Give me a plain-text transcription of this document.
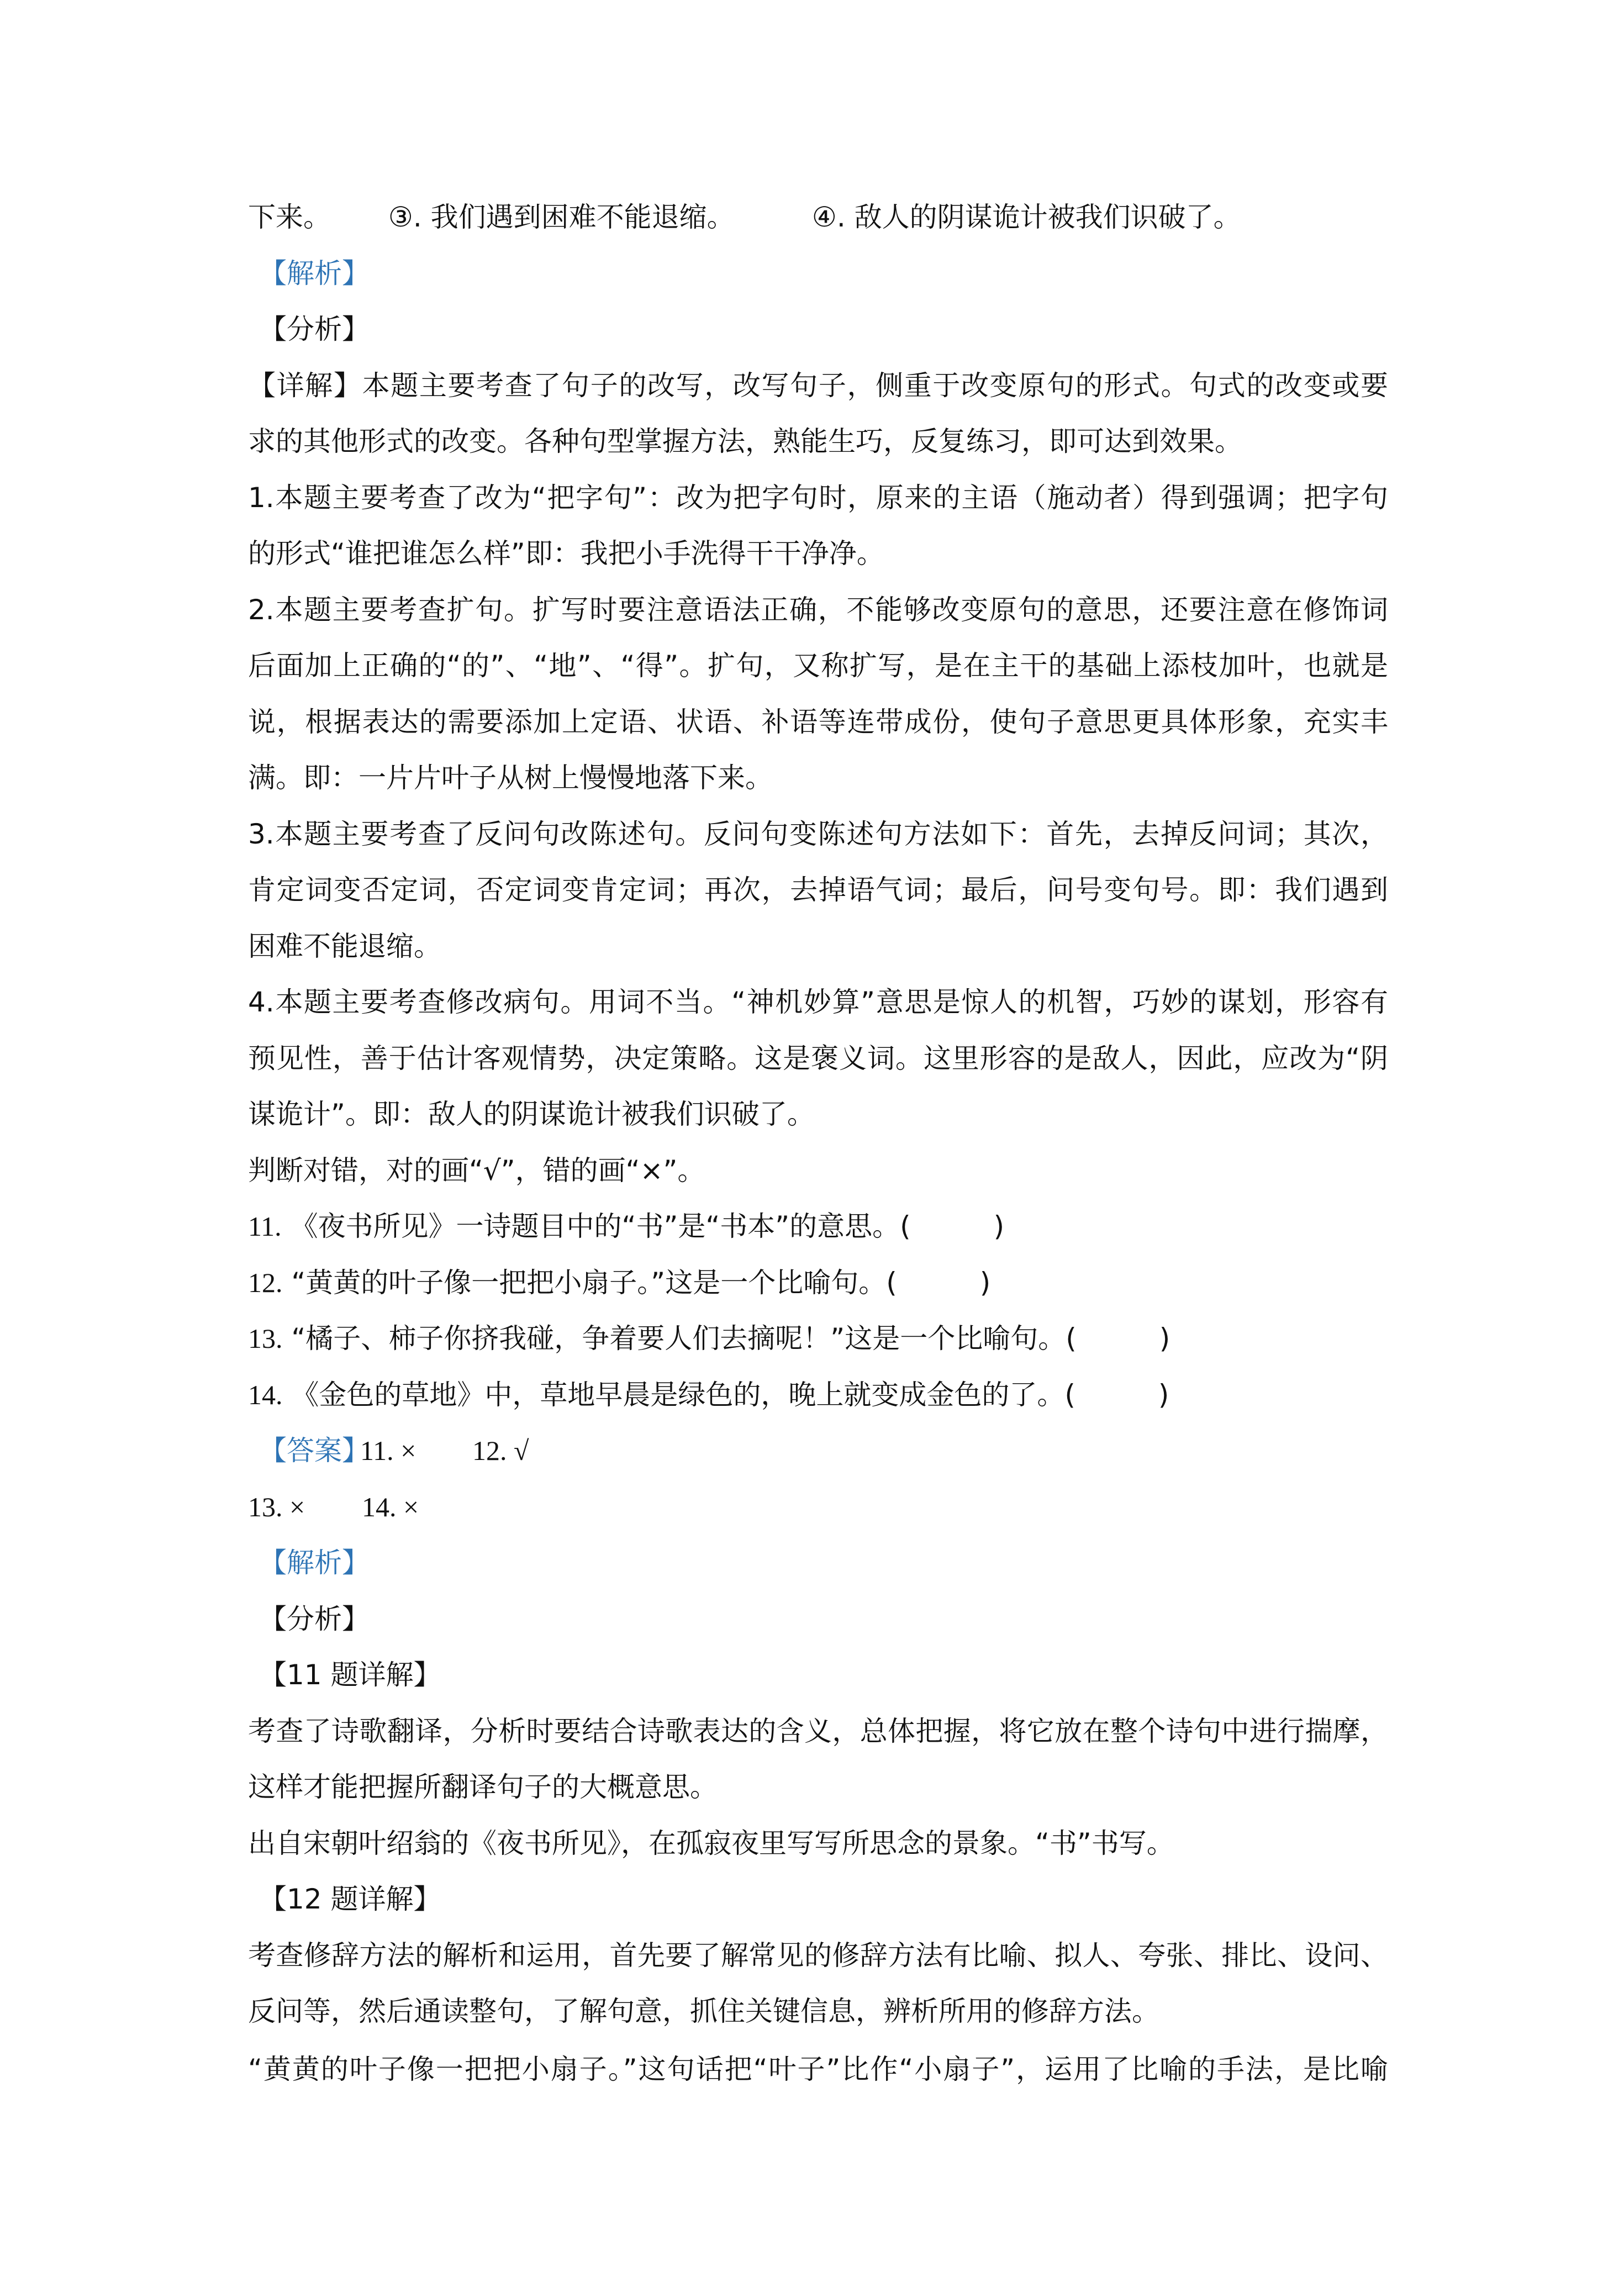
下来。 ③. 我们遇到困难不能退缩。	④. 敌人的阴谋诡计被我们识破了。
【解析】
【分析】
【详解】本题主要考查了句子的改写，改写句子，侧重于改变原句的形式。句式的改变或要
求的其他形式的改变。各种句型掌握方法，熟能生巧，反复练习，即可达到效果。
1.本题主要考查了改为“把字句”：改为把字句时，原来的主语（施动者）得到强调；把字句
的形式“谁把谁怎么样”即：我把小手洗得干干净净。
2.本题主要考查扩句。扩写时要注意语法正确，不能够改变原句的意思，还要注意在修饰词
后面加上正确的“的”、“地”、“得”。扩句，又称扩写，是在主干的基础上添枝加叶，也就是
说，根据表达的需要添加上定语、状语、补语等连带成份，使句子意思更具体形象，充实丰
满。即：一片片叶子从树上慢慢地落下来。
3.本题主要考查了反问句改陈述句。反问句变陈述句方法如下：首先，去掉反问词；其次，
肯定词变否定词，否定词变肯定词；再次，去掉语气词；最后，问号变句号。即：我们遇到
困难不能退缩。
4.本题主要考查修改病句。用词不当。“神机妙算”意思是惊人的机智，巧妙的谋划，形容有
预见性，善于估计客观情势，决定策略。这是褒义词。这里形容的是敌人，因此，应改为“阴
谋诡计”。即：敌人的阴谋诡计被我们识破了。
判断对错，对的画“√”，错的画“×”。
11. 《夜书所见》一诗题目中的“书”是“书本”的意思。(　　　)
12. “黄黄的叶子像一把把小扇子。”这是一个比喻句。(　　　)
13. “橘子、柿子你挤我碰，争着要人们去摘呢！”这是一个比喻句。(　　　)
14. 《金色的草地》中，草地早晨是绿色的，晚上就变成金色的了。(　　　)
【答案】
11. × 12. √
13. × 14. ×
【解析】
【分析】
【11 题详解】
考查了诗歌翻译，分析时要结合诗歌表达的含义，总体把握，将它放在整个诗句中进行揣摩，
这样才能把握所翻译句子的大概意思。
出自宋朝叶绍翁的《夜书所见》，在孤寂夜里写写所思念的景象。“书”书写。
【12 题详解】
考查修辞方法的解析和运用，首先要了解常见的修辞方法有比喻、拟人、夸张、排比、设问、
反问等，然后通读整句，了解句意，抓住关键信息，辨析所用的修辞方法。
“黄黄的叶子像一把把小扇子。”这句话把“叶子”比作“小扇子”，运用了比喻的手法，是比喻
